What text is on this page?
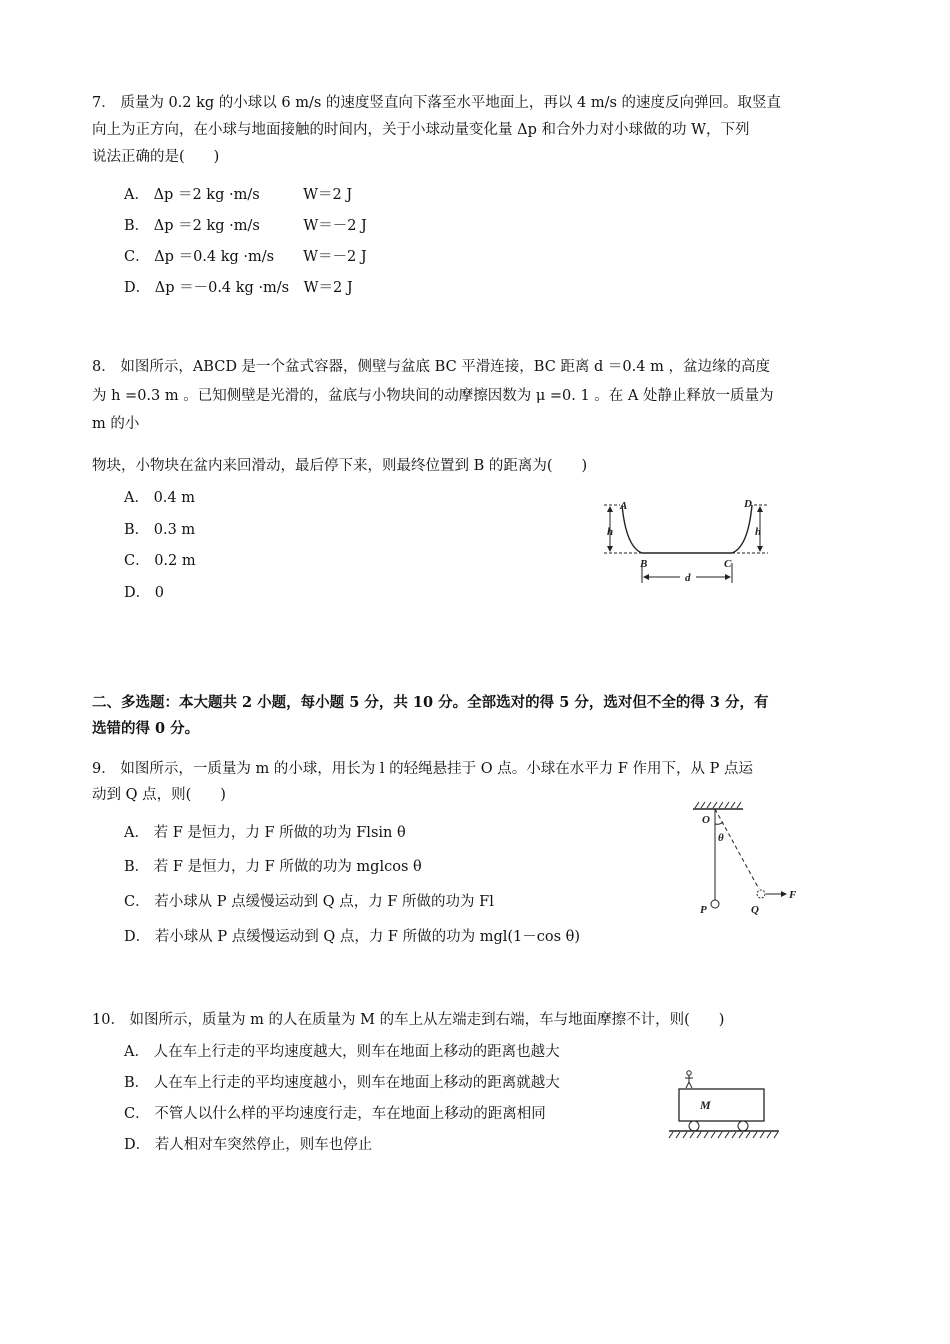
7． 质量为 0.2 kg 的小球以 6 m/s 的速度竖直向下落至水平地面上，再以 4 m/s 的速度反向弹回。取竖直
向上为正方向，在小球与地面接触的时间内，关于小球动量变化量 Δp 和合外力对小球做的功 W，下列
说法正确的是(　　)
A． Δp ＝2 kg ·m/s　　　W＝2 J
B． Δp ＝2 kg ·m/s　　　W＝－2 J
C． Δp ＝0.4 kg ·m/s　　W＝－2 J
D． Δp ＝－0.4 kg ·m/s　W＝2 J
8． 如图所示，ABCD 是一个盆式容器，侧壁与盆底 BC 平滑连接，BC 距离 d ＝0.4 m ，盆边缘的高度
为 h =0.3 m 。已知侧壁是光滑的，盆底与小物块间的动摩擦因数为 μ =0. 1 。在 A 处静止释放一质量为
m 的小
物块，小物块在盆内来回滑动，最后停下来，则最终位置到 B 的距离为(　　)
A． 0.4 m
B． 0.3 m
C． 0.2 m
D． 0
A	D
h	h
B	C
d
二、多选题：本大题共 2 小题，每小题 5 分，共 10 分。全部选对的得 5 分，选对但不全的得 3 分，有
选错的得 0 分。
9． 如图所示，一质量为 m 的小球，用长为 l 的轻绳悬挂于 O 点。小球在水平力 F 作用下，从 P 点运
动到 Q 点，则(　　)
A． 若 F 是恒力，力 F 所做的功为 Flsin θ
B． 若 F 是恒力，力 F 所做的功为 mglcos θ
C． 若小球从 P 点缓慢运动到 Q 点，力 F 所做的功为 Fl
D． 若小球从 P 点缓慢运动到 Q 点，力 F 所做的功为 mgl(1－cos θ)
O
θ
P	Q
F
10． 如图所示，质量为 m 的人在质量为 M 的车上从左端走到右端，车与地面摩擦不计，则(　　)
A． 人在车上行走的平均速度越大，则车在地面上移动的距离也越大
B． 人在车上行走的平均速度越小，则车在地面上移动的距离就越大
C． 不管人以什么样的平均速度行走，车在地面上移动的距离相同
D． 若人相对车突然停止，则车也停止
M
